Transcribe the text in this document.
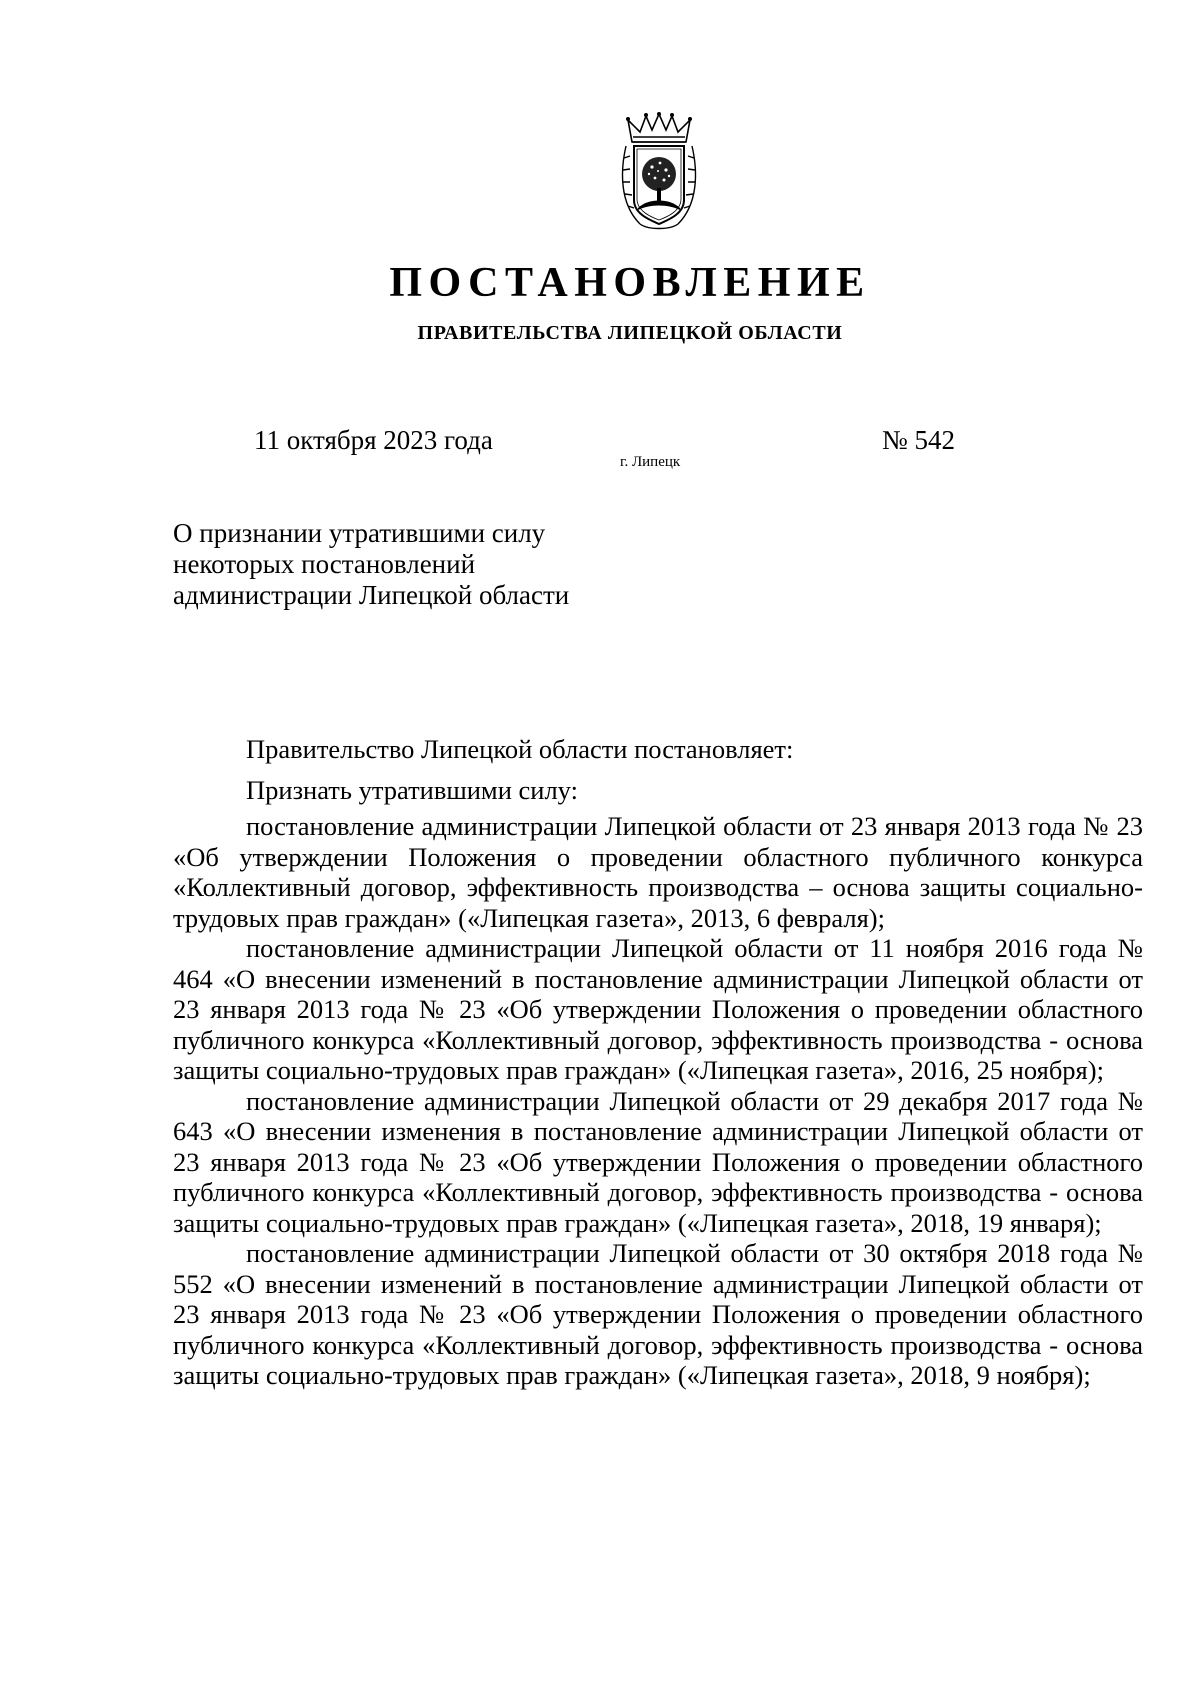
ПОСТАНОВЛЕНИЕ
ПРАВИТЕЛЬСТВА ЛИПЕЦКОЙ ОБЛАСТИ
11 октября 2023 года
г. Липецк
№ 542
О признании утратившими силу
некоторых постановлений
администрации Липецкой области

Правительство Липецкой области постановляет:

Признать утратившими силу:

постановление администрации Липецкой области от 23 января 2013 года № 23 «Об утверждении Положения о проведении областного публичного конкурса «Коллективный договор, эффективность производства – основа защиты социально-трудовых прав граждан» («Липецкая газета», 2013, 6 февраля);

постановление администрации Липецкой области от 11 ноября 2016 года № 464 «О внесении изменений в постановление администрации Липецкой области от 23 января 2013 года № 23 «Об утверждении Положения о проведении областного публичного конкурса «Коллективный договор, эффективность производства - основа защиты социально-трудовых прав граждан» («Липецкая газета», 2016, 25 ноября);

постановление администрации Липецкой области от 29 декабря 2017 года № 643 «О внесении изменения в постановление администрации Липецкой области от 23 января 2013 года № 23 «Об утверждении Положения о проведении областного публичного конкурса «Коллективный договор, эффективность производства - основа защиты социально-трудовых прав граждан» («Липецкая газета», 2018, 19 января);

постановление администрации Липецкой области от 30 октября 2018 года № 552 «О внесении изменений в постановление администрации Липецкой области от 23 января 2013 года № 23 «Об утверждении Положения о проведении областного публичного конкурса «Коллективный договор, эффективность производства - основа защиты социально-трудовых прав граждан» («Липецкая газета», 2018, 9 ноября);
